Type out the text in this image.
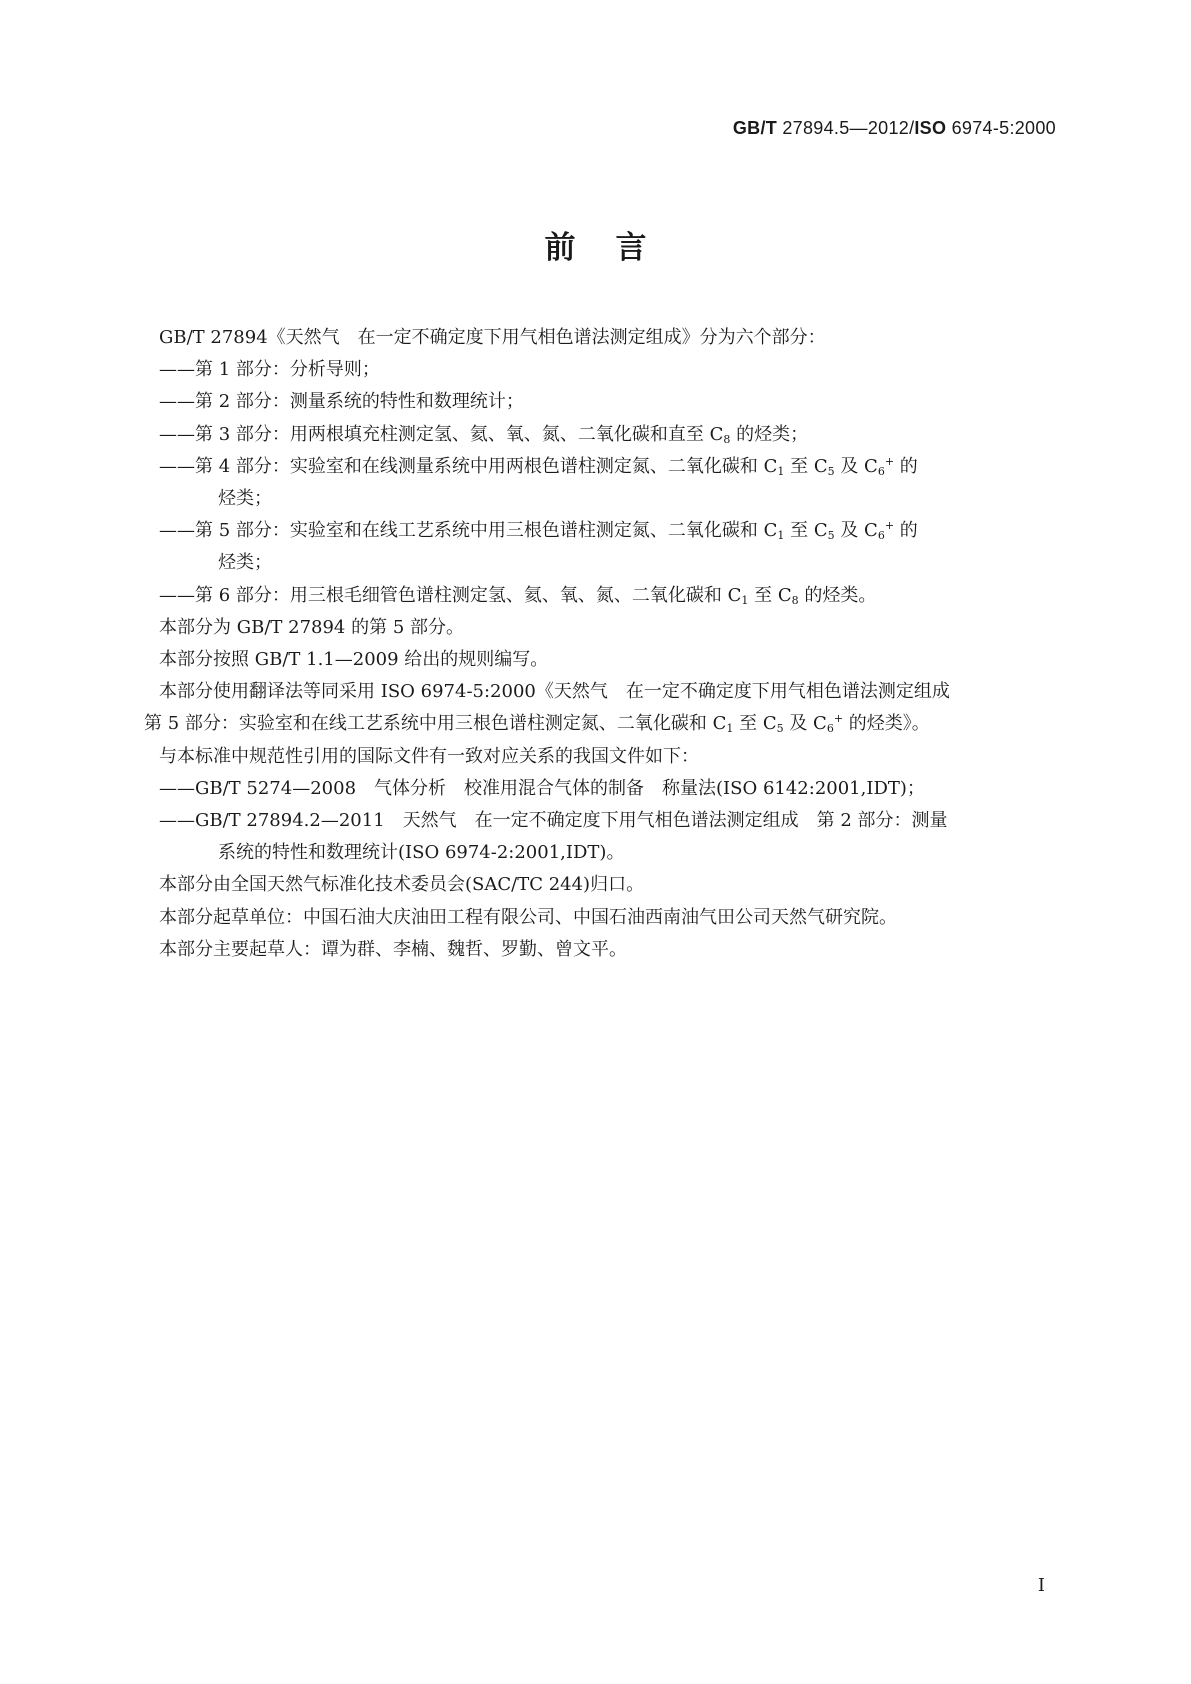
GB/T 27894.5—2012/ISO 6974-5:2000
前言
GB/T 27894《天然气　在一定不确定度下用气相色谱法测定组成》分为六个部分：
——第 1 部分：分析导则；
——第 2 部分：测量系统的特性和数理统计；
——第 3 部分：用两根填充柱测定氢、氦、氧、氮、二氧化碳和直至 $C_8$ 的烃类；
——第 4 部分：实验室和在线测量系统中用两根色谱柱测定氮、二氧化碳和 $C_1$ 至 $C_5$ 及 $C_6^+$ 的
烃类；
——第 5 部分：实验室和在线工艺系统中用三根色谱柱测定氮、二氧化碳和 $C_1$ 至 $C_5$ 及 $C_6^+$ 的
烃类；
——第 6 部分：用三根毛细管色谱柱测定氢、氦、氧、氮、二氧化碳和 $C_1$ 至 $C_8$ 的烃类。
本部分为 GB/T 27894 的第 5 部分。
本部分按照 GB/T 1.1—2009 给出的规则编写。
本部分使用翻译法等同采用 ISO 6974-5:2000《天然气　在一定不确定度下用气相色谱法测定组成
第 5 部分：实验室和在线工艺系统中用三根色谱柱测定氮、二氧化碳和 $C_1$ 至 $C_5$ 及 $C_6^+$ 的烃类》。
与本标准中规范性引用的国际文件有一致对应关系的我国文件如下：
——GB/T 5274—2008　气体分析　校准用混合气体的制备　称量法(ISO 6142:2001,IDT)；
——GB/T 27894.2—2011　天然气　在一定不确定度下用气相色谱法测定组成　第 2 部分：测量
系统的特性和数理统计(ISO 6974-2:2001,IDT)。
本部分由全国天然气标准化技术委员会(SAC/TC 244)归口。
本部分起草单位：中国石油大庆油田工程有限公司、中国石油西南油气田公司天然气研究院。
本部分主要起草人：谭为群、李楠、魏哲、罗勤、曾文平。
I
